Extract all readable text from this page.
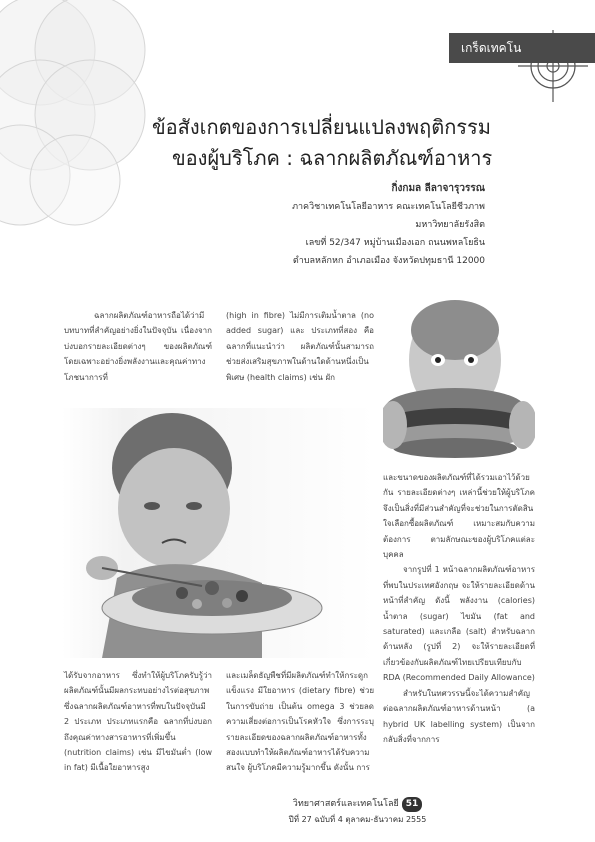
เกร็ดเทคโน
ข้อสังเกตของการเปลี่ยนแปลงพฤติกรรม
ของผู้บริโภค : ฉลากผลิตภัณฑ์อาหาร
กิ่งกมล ลีลาจารุวรรณ
ภาควิชาเทคโนโลยีอาหาร คณะเทคโนโลยีชีวภาพ
มหาวิทยาลัยรังสิต
เลขที่ 52/347 หมู่บ้านเมืองเอก ถนนพหลโยธิน
ตำบลหลักหก อำเภอเมือง จังหวัดปทุมธานี 12000

ฉลากผลิตภัณฑ์อาหารถือได้ว่ามีบทบาทที่สำคัญอย่างยิ่งในปัจจุบัน เนื่องจากบ่งบอกรายละเอียดต่างๆ ของผลิตภัณฑ์ โดยเฉพาะอย่างยิ่งพลังงานและคุณค่าทางโภชนาการที่

(high in fibre) ไม่มีการเติมน้ำตาล (no added sugar) และ ประเภทที่สอง คือ ฉลากที่แนะนำว่า ผลิตภัณฑ์นั้นสามารถช่วยส่งเสริมสุขภาพในด้านใดด้านหนึ่งเป็นพิเศษ (health claims) เช่น ผัก

และขนาดของผลิตภัณฑ์ที่ได้รวมเอาไว้ด้วยกัน รายละเอียดต่างๆ เหล่านี้ช่วยให้ผู้บริโภค จึงเป็นสิ่งที่มีส่วนสำคัญที่จะช่วยในการตัดสินใจเลือกซื้อผลิตภัณฑ์ เหมาะสมกับความต้องการ ตามลักษณะของผู้บริโภคแต่ละบุคคล

จากรูปที่ 1 หน้าฉลากผลิตภัณฑ์อาหารที่พบในประเทศอังกฤษ จะให้รายละเอียดด้านหน้าที่สำคัญ ดังนี้ พลังงาน (calories) น้ำตาล (sugar) ไขมัน (fat and saturated) และเกลือ (salt) สำหรับฉลากด้านหลัง (รูปที่ 2) จะให้รายละเอียดที่เกี่ยวข้องกับผลิตภัณฑ์ไทยเปรียบเทียบกับ RDA (Recommended Daily Allowance)

สำหรับในทศวรรษนี้จะได้ความสำคัญต่อฉลากผลิตภัณฑ์อาหารด้านหน้า (a hybrid UK labelling system) เป็นจากกลับสิ่งที่จากการ

ได้รับจากอาหาร ซึ่งทำให้ผู้บริโภครับรู้ว่า ผลิตภัณฑ์นั้นมีผลกระทบอย่างไรต่อสุขภาพ ซึ่งฉลากผลิตภัณฑ์อาหารที่พบในปัจจุบันมี 2 ประเภท ประเภทแรกคือ ฉลากที่บ่งบอกถึงคุณค่าทางสารอาหารที่เพิ่มขึ้น (nutrition claims) เช่น มีไขมันต่ำ (low in fat) มีเนื้อใยอาหารสูง

และเมล็ดธัญพืชที่มีผลิตภัณฑ์ทำให้กระดูกแข็งแรง มีใยอาหาร (dietary fibre) ช่วยในการขับถ่าย เป็นต้น omega 3 ช่วยลดความเสี่ยงต่อการเป็นโรคหัวใจ ซึ่งการระบุรายละเอียดของฉลากผลิตภัณฑ์อาหารทั้งสองแบบทำให้ผลิตภัณฑ์อาหารได้รับความสนใจ ผู้บริโภคมีความรู้มากขึ้น ดังนั้น การ

วิทยาศาสตร์และเทคโนโลยี 51
ปีที่ 27 ฉบับที่ 4 ตุลาคม-ธันวาคม 2555
